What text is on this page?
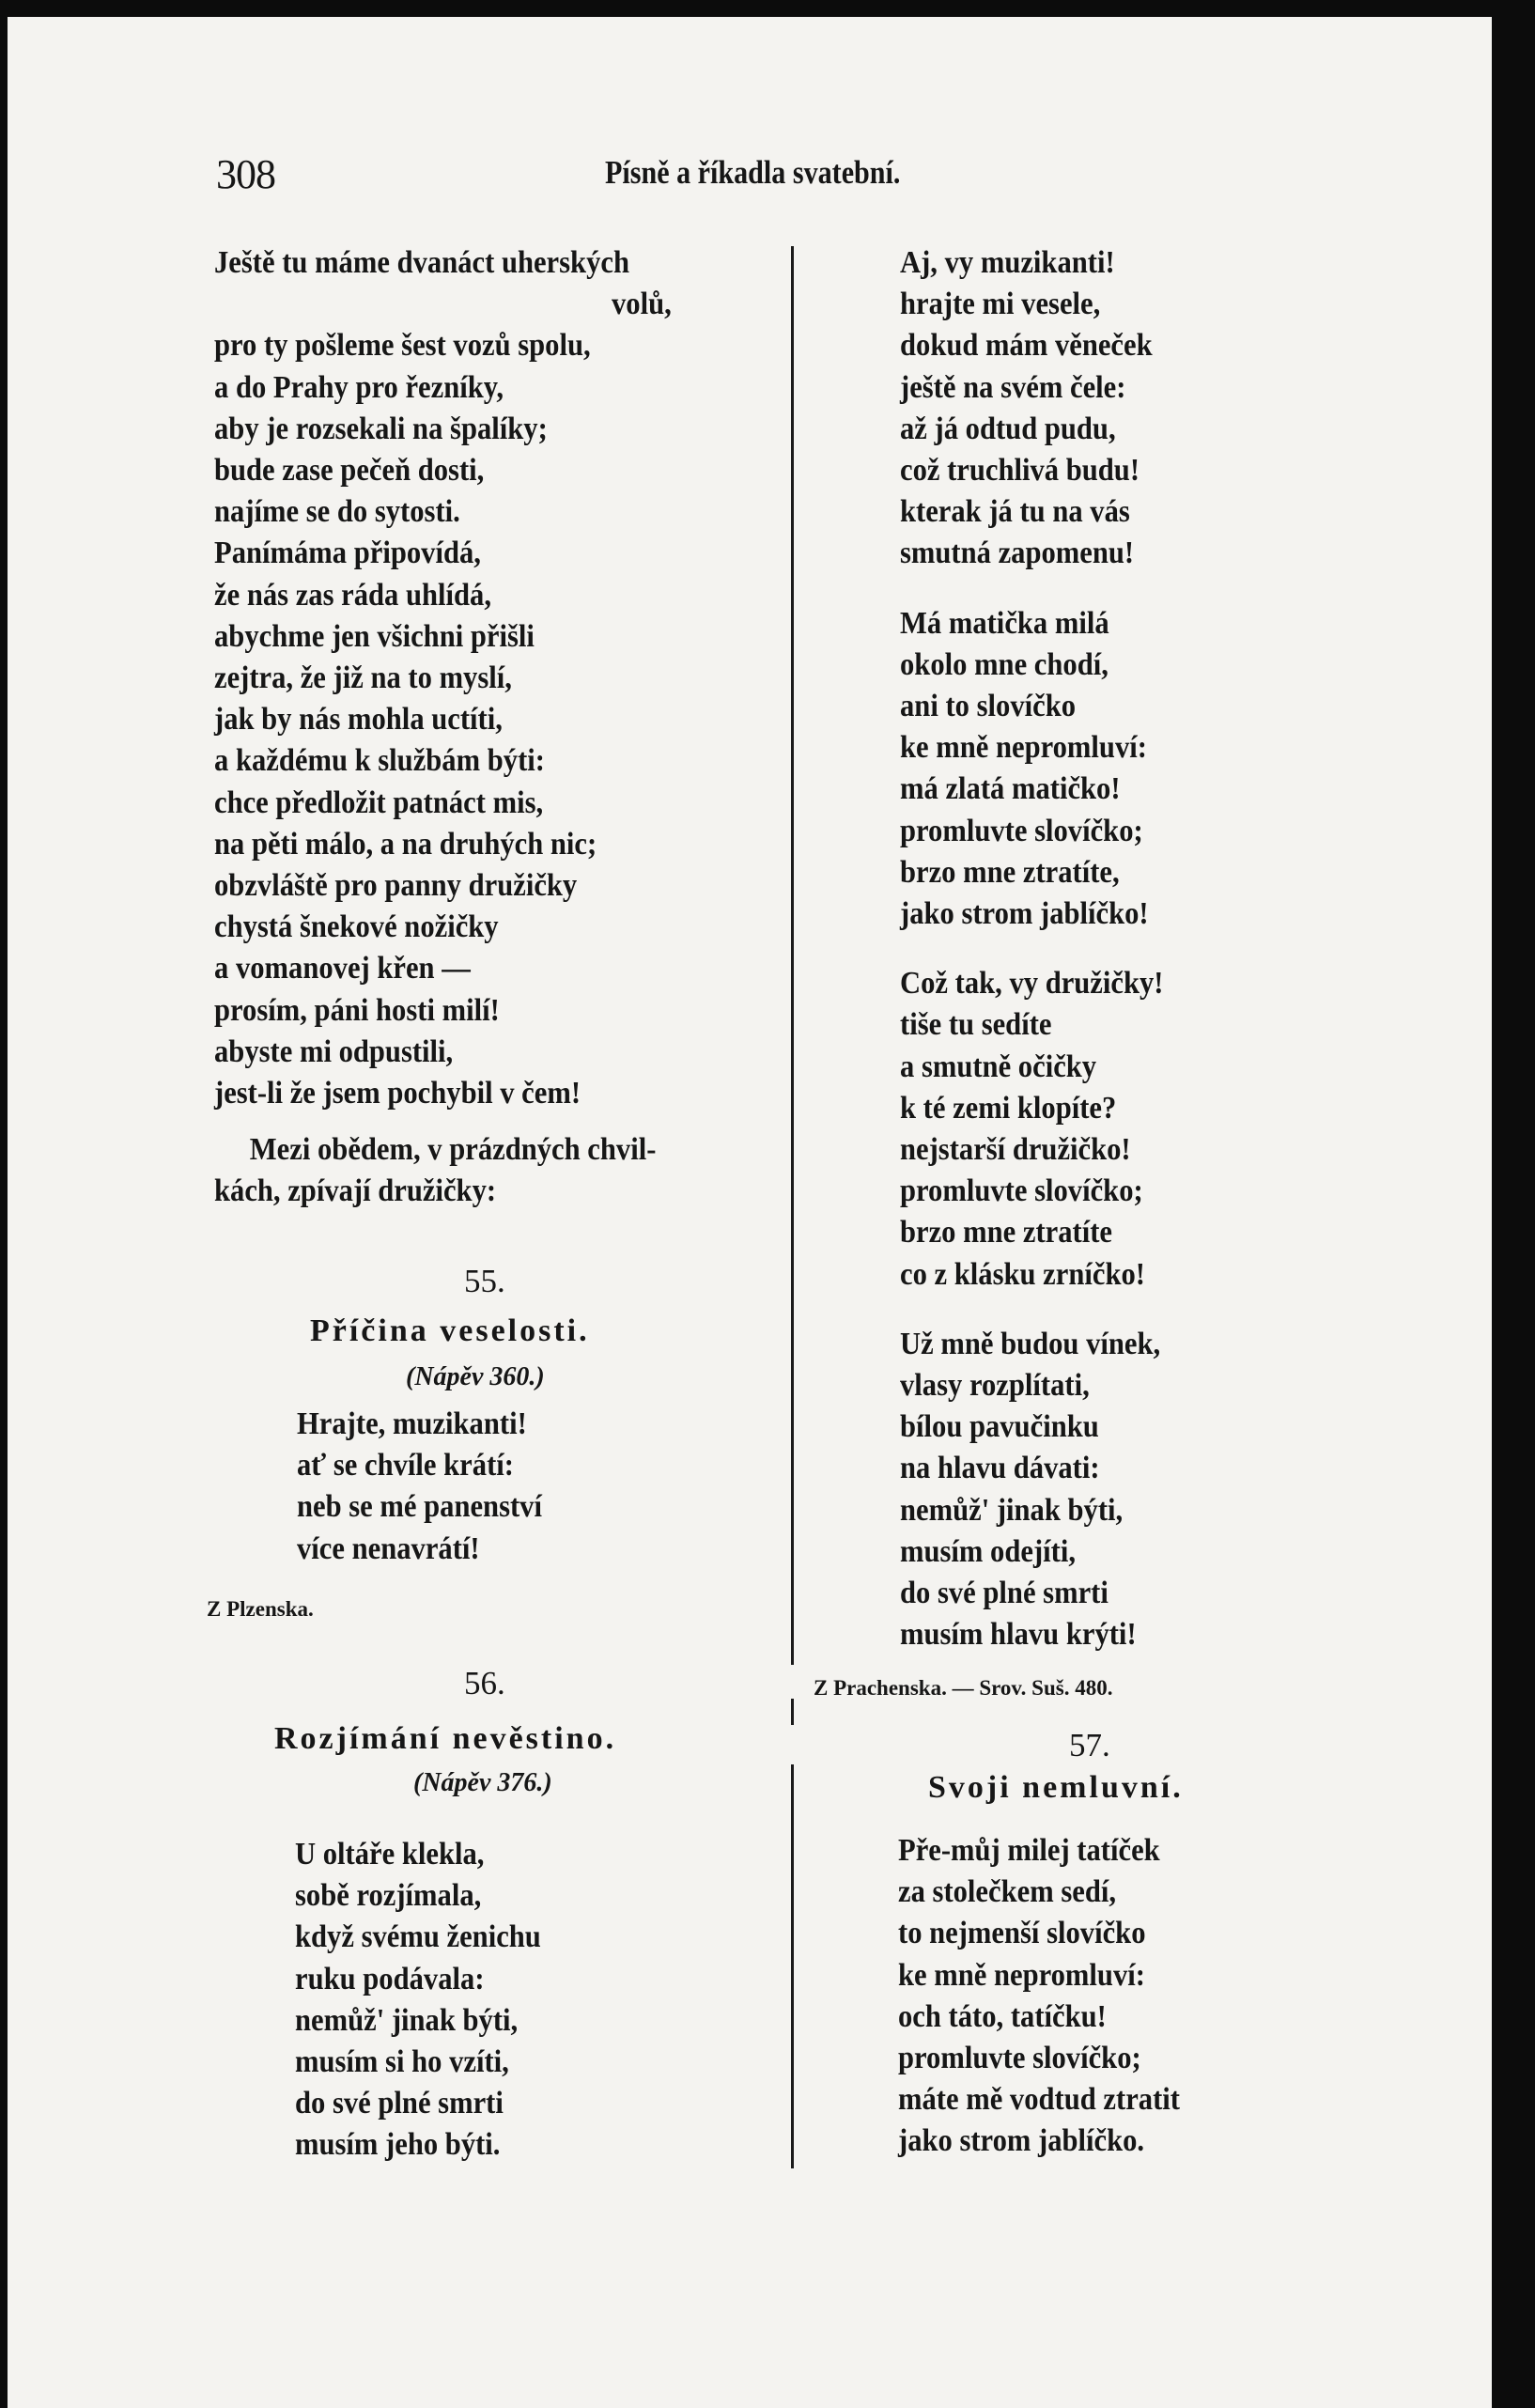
308	Písně a říkadla svatební.
Ještě tu máme dvanáct uherských
volů,
pro ty pošleme šest vozů spolu,
a do Prahy pro řezníky,
aby je rozsekali na špalíky;
bude zase pečeň dosti,
najíme se do sytosti.
Panímáma připovídá,
že nás zas ráda uhlídá,
abychme jen všichni přišli
zejtra, že již na to myslí,
jak by nás mohla uctíti,
a každému k službám býti:
chce předložit patnáct mis,
na pěti málo, a na druhých nic;
obzvláště pro panny družičky
chystá šnekové nožičky
a vomanovej křen —
prosím, páni hosti milí!
abyste mi odpustili,
jest-li že jsem pochybil v čem!
Mezi obědem, v prázdných chvil-
kách, zpívají družičky:
55.
Příčina veselosti.
(Nápěv 360.)
Hrajte, muzikanti!
ať se chvíle krátí:
neb se mé panenství
více nenavrátí!
Z Plzenska.
56.
Rozjímání nevěstino.
(Nápěv 376.)
U oltáře klekla,
sobě rozjímala,
když svému ženichu
ruku podávala:
nemůž' jinak býti,
musím si ho vzíti,
do své plné smrti
musím jeho býti.
Aj, vy muzikanti!
hrajte mi vesele,
dokud mám věneček
ještě na svém čele:
až já odtud pudu,
což truchlivá budu!
kterak já tu na vás
smutná zapomenu!
Má matička milá
okolo mne chodí,
ani to slovíčko
ke mně nepromluví:
má zlatá matičko!
promluvte slovíčko;
brzo mne ztratíte,
jako strom jablíčko!
Což tak, vy družičky!
tiše tu sedíte
a smutně očičky
k té zemi klopíte?
nejstarší družičko!
promluvte slovíčko;
brzo mne ztratíte
co z klásku zrníčko!
Už mně budou vínek,
vlasy rozplítati,
bílou pavučinku
na hlavu dávati:
nemůž' jinak býti,
musím odejíti,
do své plné smrti
musím hlavu krýti!
Z Prachenska. — Srov. Suš. 480.
57.
Svoji nemluvní.
Pře-můj milej tatíček
za stolečkem sedí,
to nejmenší slovíčko
ke mně nepromluví:
och táto, tatíčku!
promluvte slovíčko;
máte mě vodtud ztratit
jako strom jablíčko.
